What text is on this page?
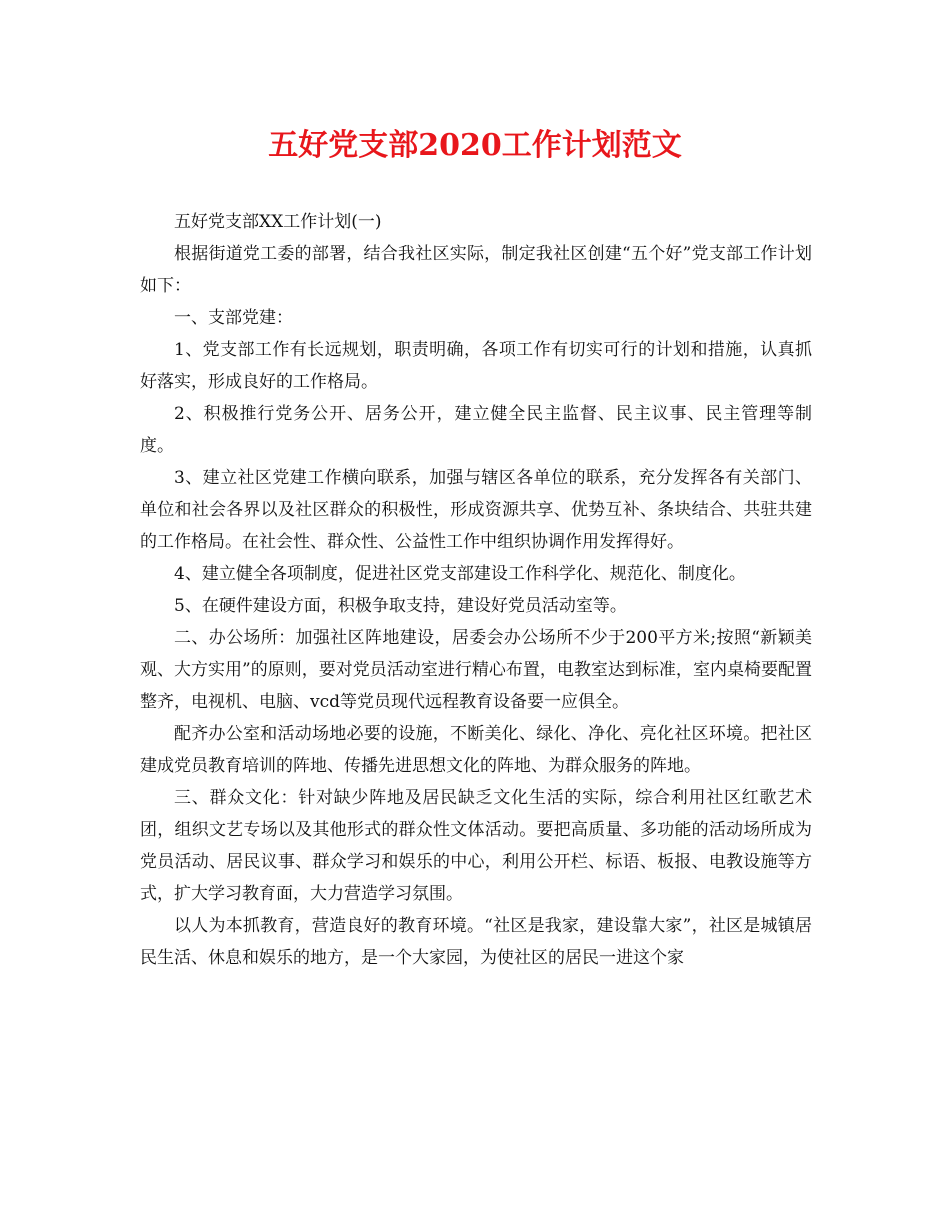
五好党支部2020工作计划范文

五好党支部XX工作计划(一)

根据街道党工委的部署，结合我社区实际，制定我社区创建“五个好”党支部工作计划如下：

一、支部党建：

1、党支部工作有长远规划，职责明确，各项工作有切实可行的计划和措施，认真抓好落实，形成良好的工作格局。

2、积极推行党务公开、居务公开，建立健全民主监督、民主议事、民主管理等制度。

3、建立社区党建工作横向联系，加强与辖区各单位的联系，充分发挥各有关部门、单位和社会各界以及社区群众的积极性，形成资源共享、优势互补、条块结合、共驻共建的工作格局。在社会性、群众性、公益性工作中组织协调作用发挥得好。

4、建立健全各项制度，促进社区党支部建设工作科学化、规范化、制度化。

5、在硬件建设方面，积极争取支持，建设好党员活动室等。

二、办公场所：加强社区阵地建设，居委会办公场所不少于200平方米;按照“新颖美观、大方实用”的原则，要对党员活动室进行精心布置，电教室达到标准，室内桌椅要配置整齐，电视机、电脑、vcd等党员现代远程教育设备要一应俱全。

配齐办公室和活动场地必要的设施，不断美化、绿化、净化、亮化社区环境。把社区建成党员教育培训的阵地、传播先进思想文化的阵地、为群众服务的阵地。

三、群众文化：针对缺少阵地及居民缺乏文化生活的实际，综合利用社区红歌艺术团，组织文艺专场以及其他形式的群众性文体活动。要把高质量、多功能的活动场所成为党员活动、居民议事、群众学习和娱乐的中心，利用公开栏、标语、板报、电教设施等方式，扩大学习教育面，大力营造学习氛围。

以人为本抓教育，营造良好的教育环境。“社区是我家，建设靠大家”，社区是城镇居民生活、休息和娱乐的地方，是一个大家园，为使社区的居民一进这个家
